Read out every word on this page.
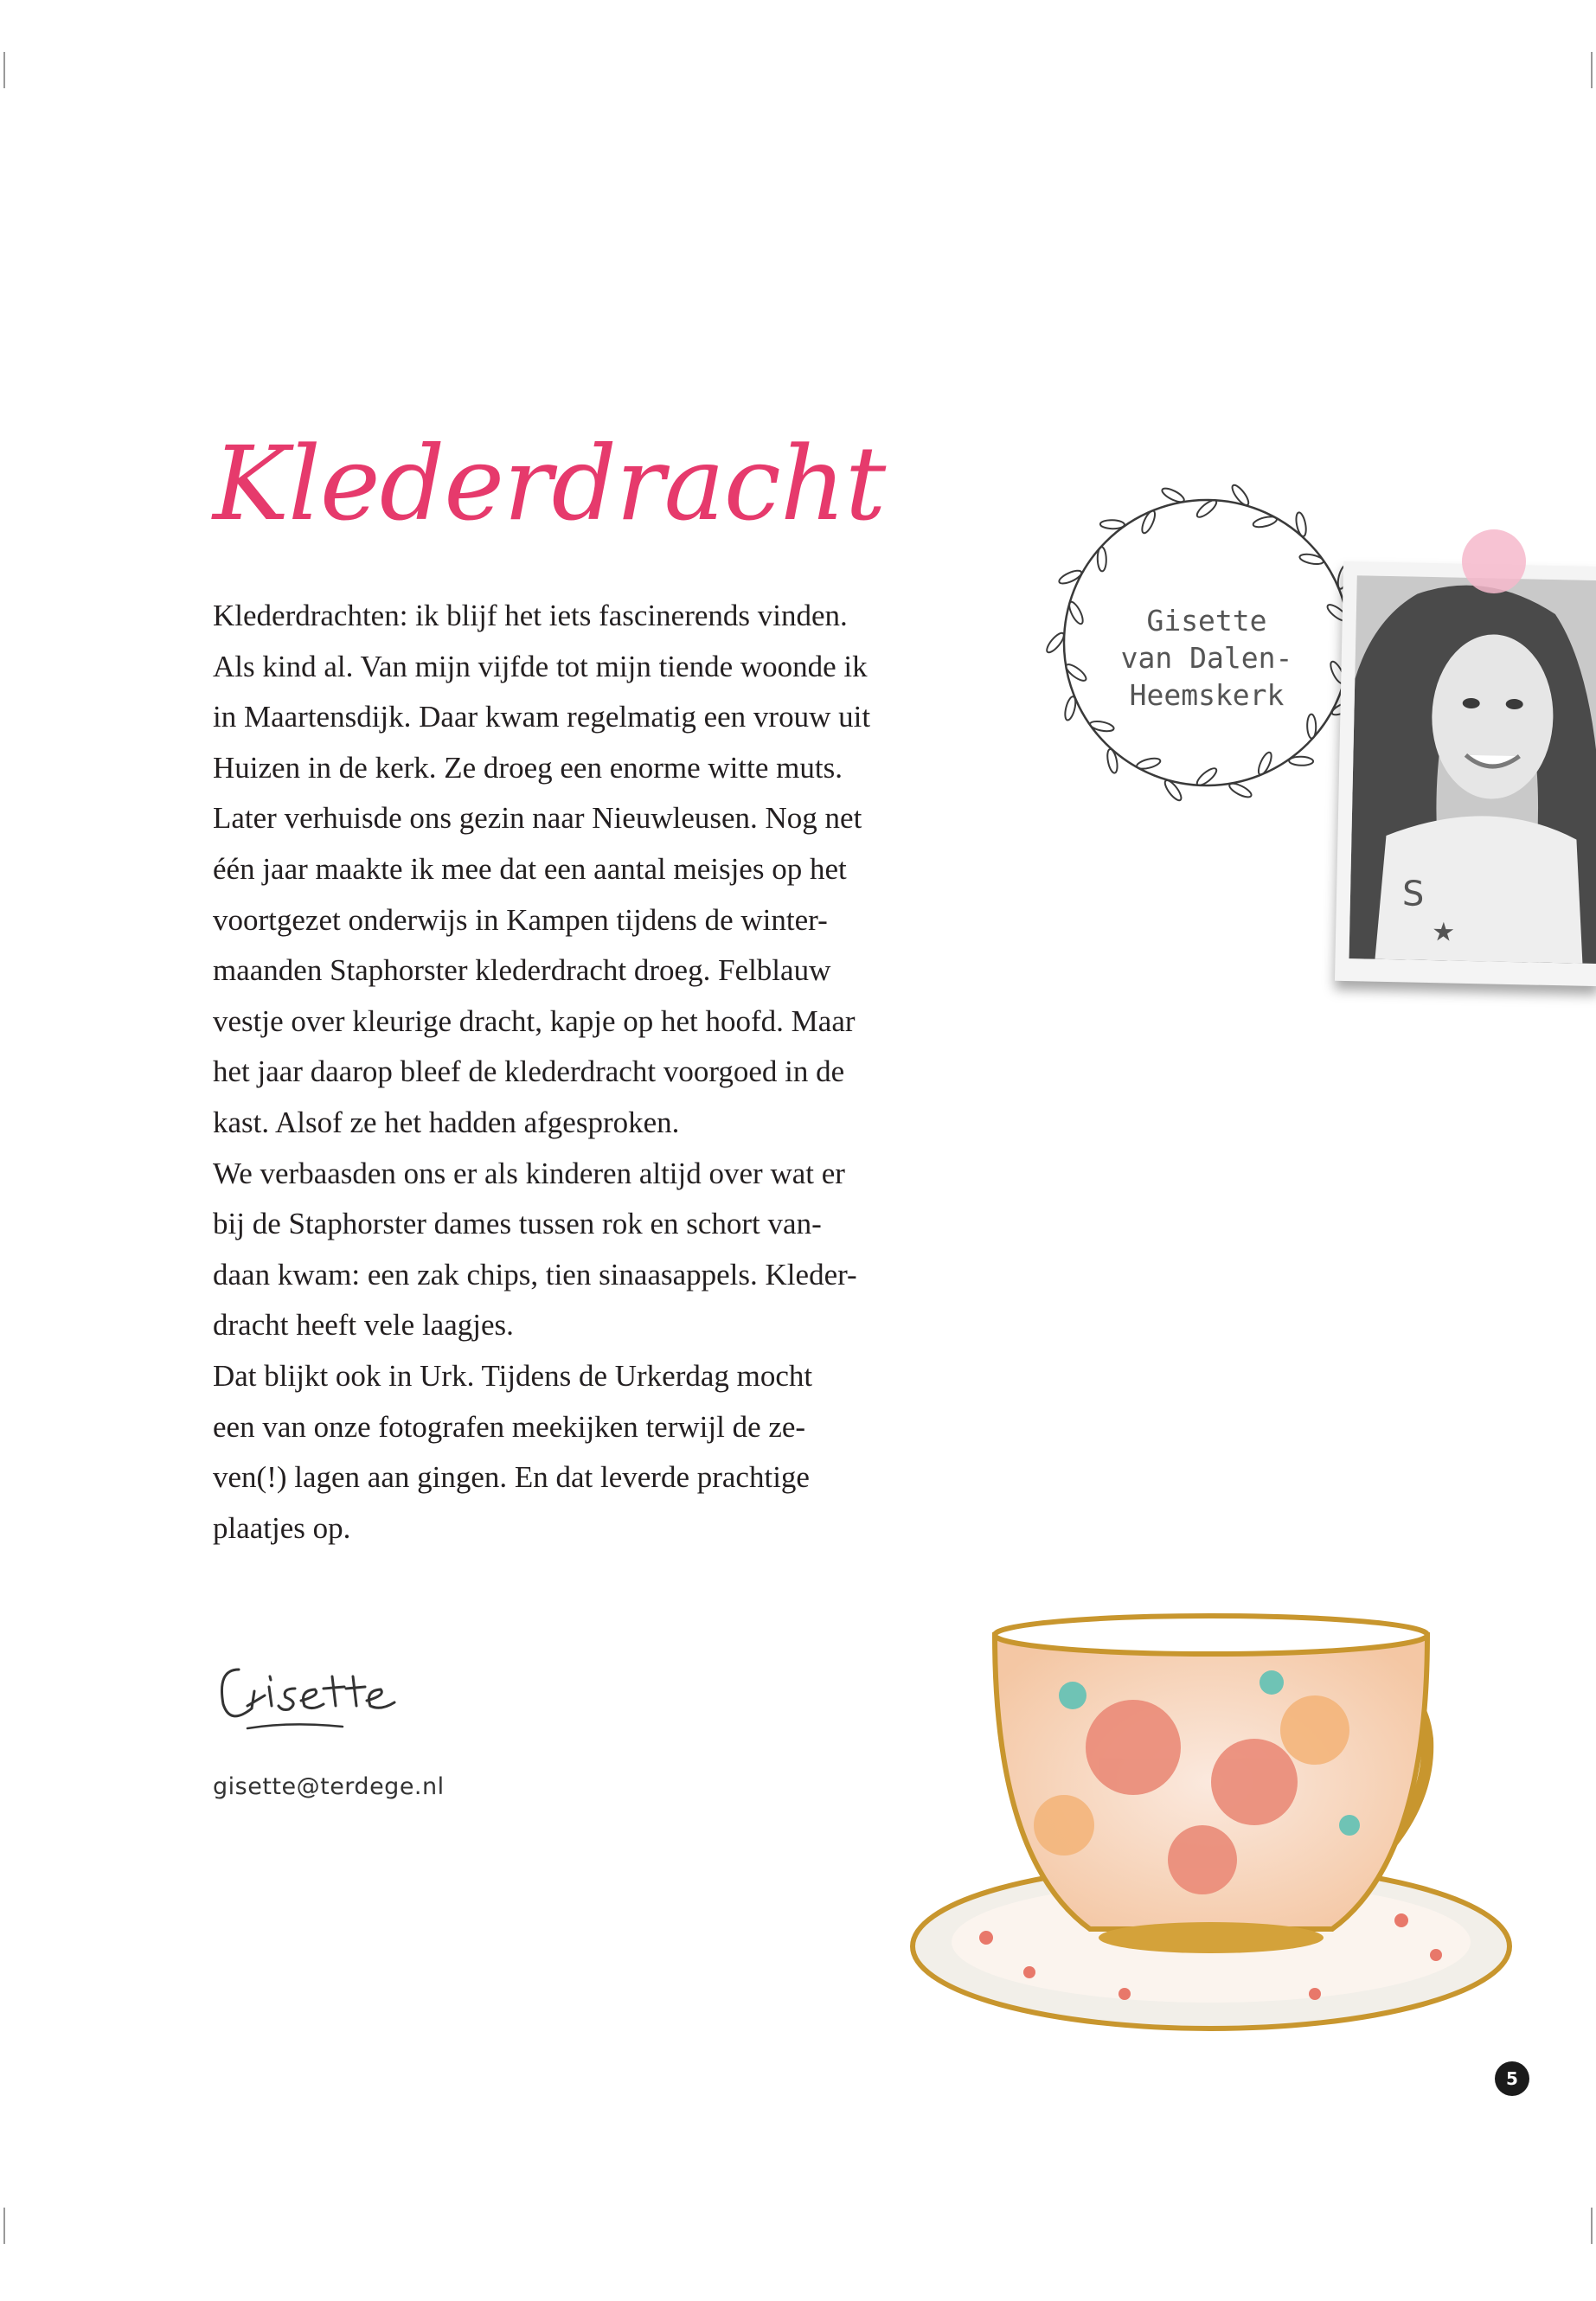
Klederdracht
Klederdrachten: ik blijf het iets fascinerends vinden.
Als kind al. Van mijn vijfde tot mijn tiende woonde ik
in Maartensdijk. Daar kwam regelmatig een vrouw uit
Huizen in de kerk. Ze droeg een enorme witte muts.
Later verhuisde ons gezin naar Nieuwleusen. Nog net
één jaar maakte ik mee dat een aantal meisjes op het
voortgezet onderwijs in Kampen tijdens de winter-
maanden Staphorster klederdracht droeg. Felblauw
vestje over kleurige dracht, kapje op het hoofd. Maar
het jaar daarop bleef de klederdracht voorgoed in de
kast. Alsof ze het hadden afgesproken.
We verbaasden ons er als kinderen altijd over wat er
bij de Staphorster dames tussen rok en schort van-
daan kwam: een zak chips, tien sinaasappels. Kleder-
dracht heeft vele laagjes.
Dat blijkt ook in Urk. Tijdens de Urkerdag mocht
een van onze fotografen meekijken terwijl de ze-
ven(!) lagen aan gingen. En dat leverde prachtige
plaatjes op.
Gisette
van Dalen-
Heemskerk
S
★
gisette@terdege.nl
5
